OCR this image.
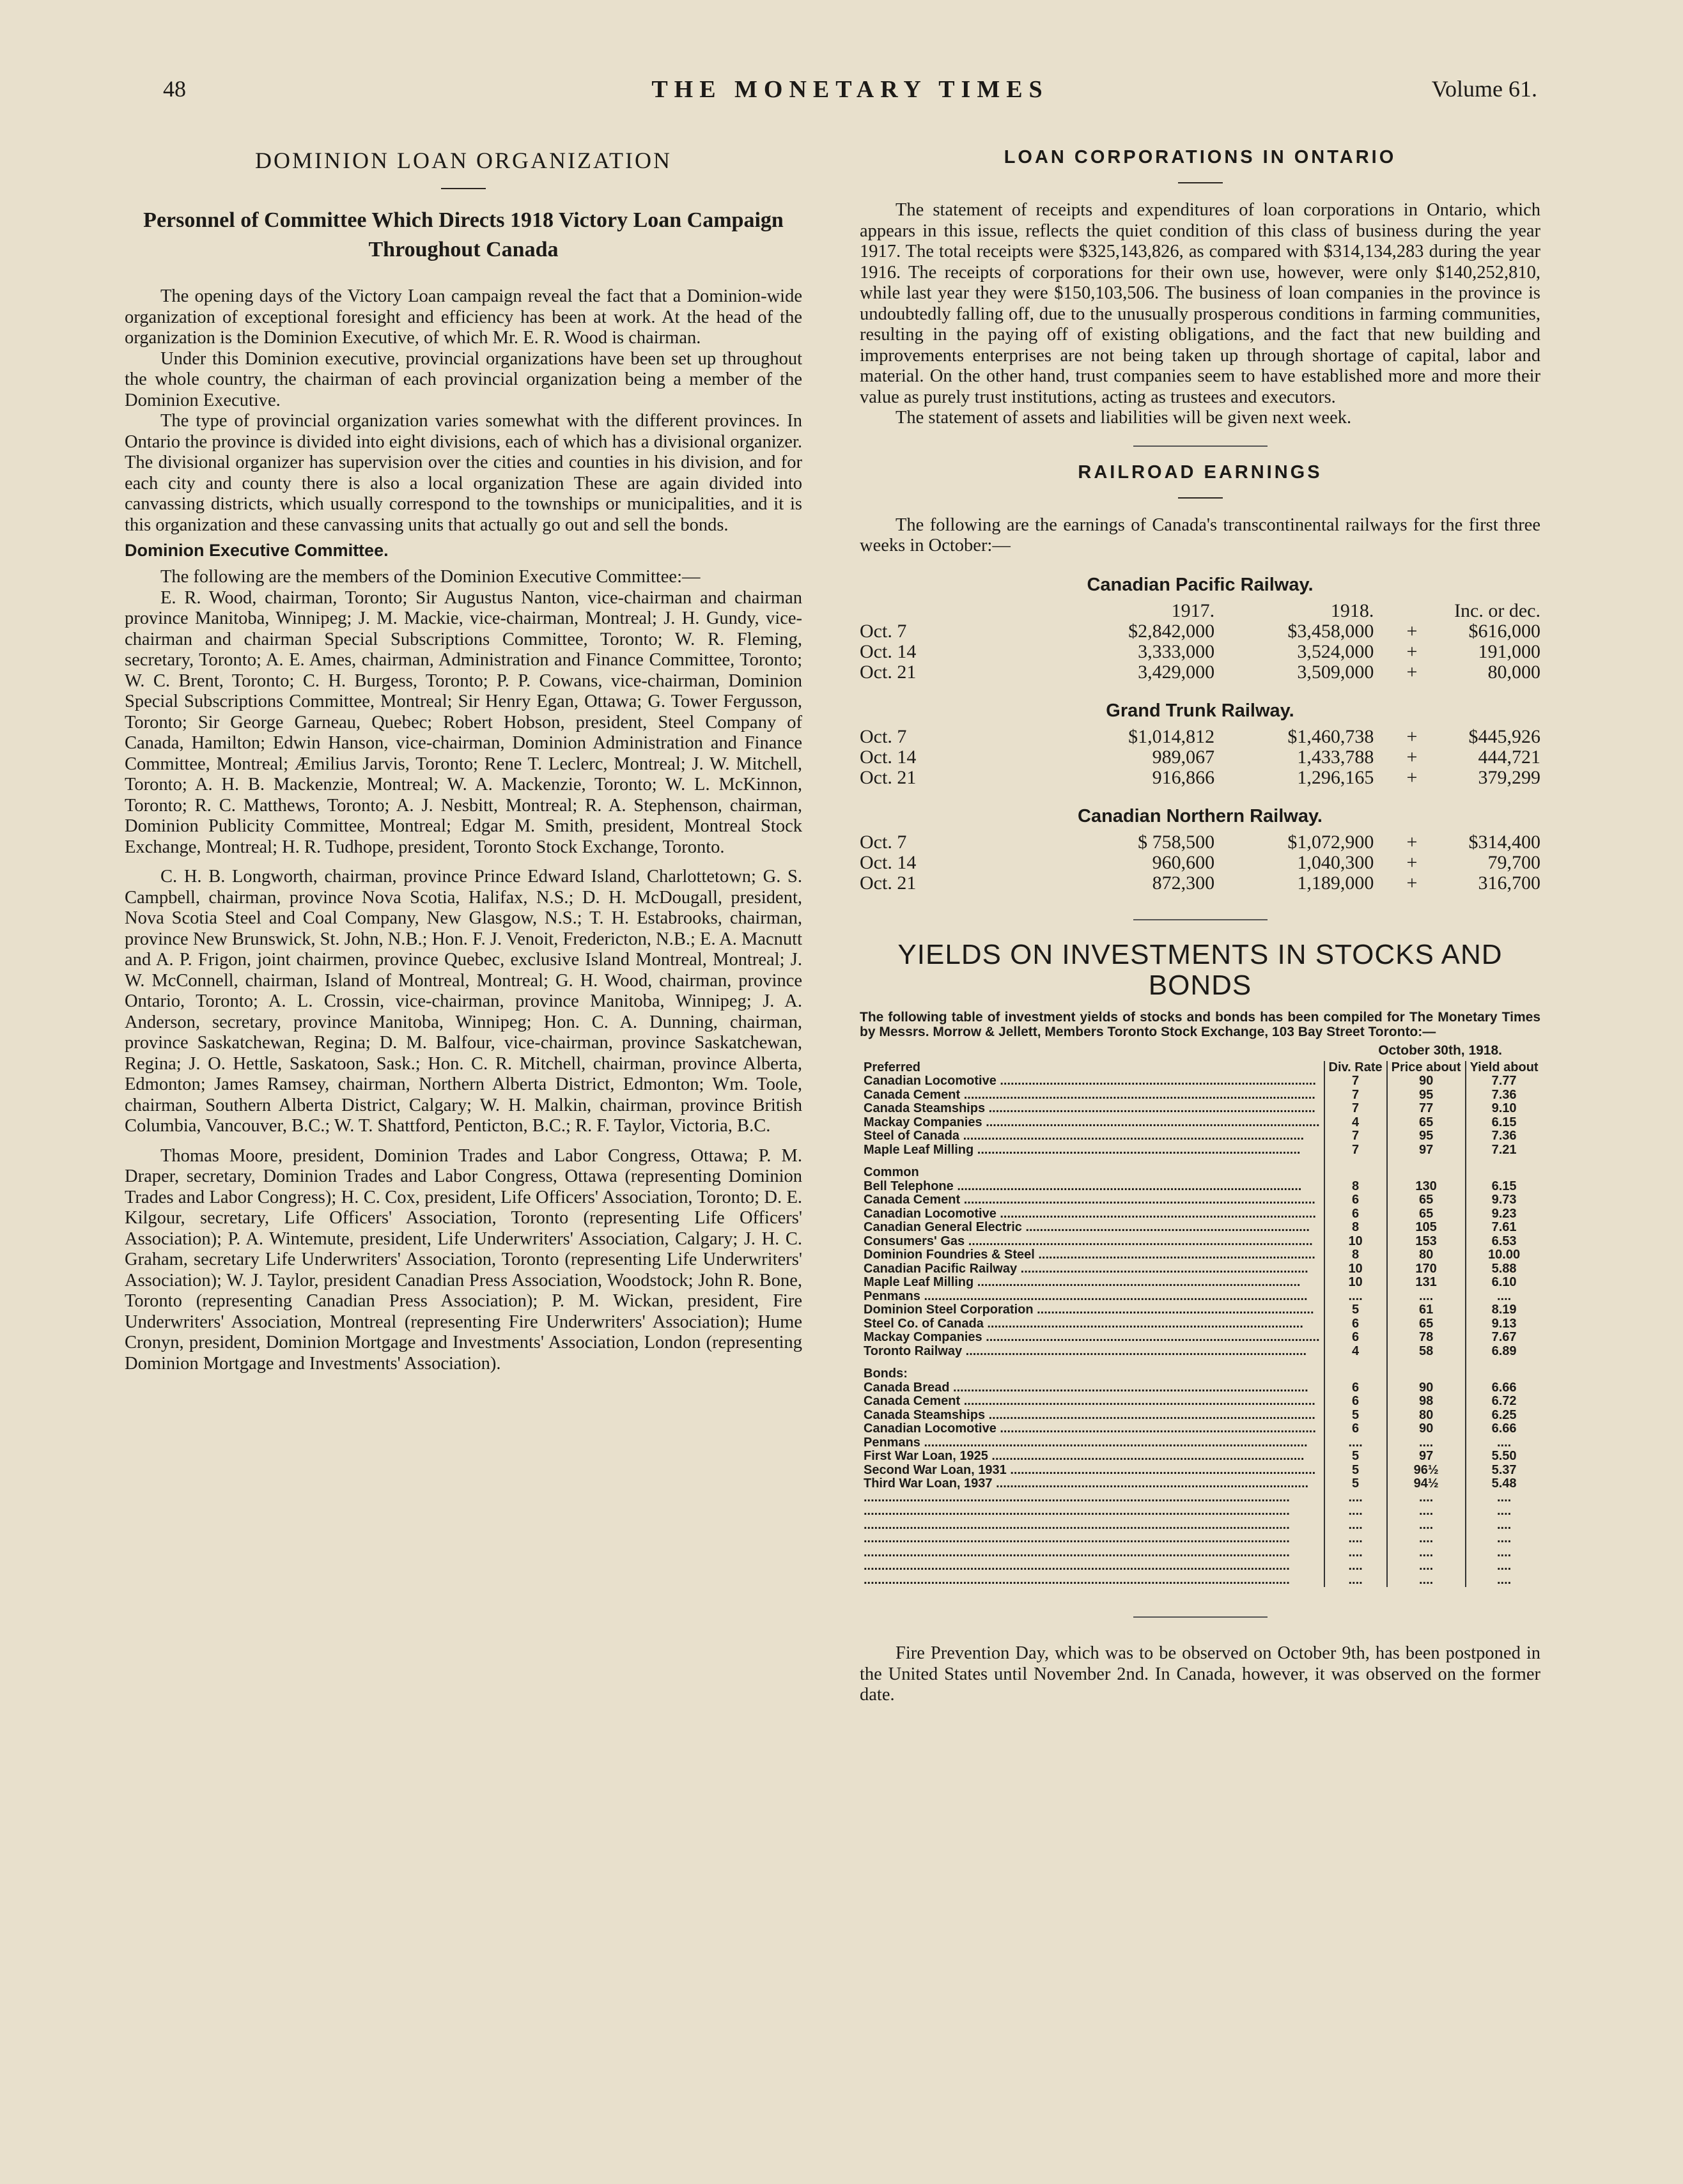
48	THE MONETARY TIMES	Volume 61.
DOMINION LOAN ORGANIZATION
Personnel of Committee Which Directs 1918 Victory Loan Campaign Throughout Canada

The opening days of the Victory Loan campaign reveal the fact that a Dominion-wide organization of exceptional foresight and efficiency has been at work. At the head of the organization is the Dominion Executive, of which Mr. E. R. Wood is chairman.

Under this Dominion executive, provincial organizations have been set up throughout the whole country, the chairman of each provincial organization being a member of the Dominion Executive.

The type of provincial organization varies somewhat with the different provinces. In Ontario the province is divided into eight divisions, each of which has a divisional organizer. The divisional organizer has supervision over the cities and counties in his division, and for each city and county there is also a local organization These are again divided into canvassing districts, which usually correspond to the townships or municipalities, and it is this organization and these canvassing units that actually go out and sell the bonds.

Dominion Executive Committee.

The following are the members of the Dominion Executive Committee:—

E. R. Wood, chairman, Toronto; Sir Augustus Nanton, vice-chairman and chairman province Manitoba, Winnipeg; J. M. Mackie, vice-chairman, Montreal; J. H. Gundy, vice-chairman and chairman Special Subscriptions Committee, Toronto; W. R. Fleming, secretary, Toronto; A. E. Ames, chairman, Administration and Finance Committee, Toronto; W. C. Brent, Toronto; C. H. Burgess, Toronto; P. P. Cowans, vice-chairman, Dominion Special Subscriptions Committee, Montreal; Sir Henry Egan, Ottawa; G. Tower Fergusson, Toronto; Sir George Garneau, Quebec; Robert Hobson, president, Steel Company of Canada, Hamilton; Edwin Hanson, vice-chairman, Dominion Administration and Finance Committee, Montreal; Æmilius Jarvis, Toronto; Rene T. Leclerc, Montreal; J. W. Mitchell, Toronto; A. H. B. Mackenzie, Montreal; W. A. Mackenzie, Toronto; W. L. McKinnon, Toronto; R. C. Matthews, Toronto; A. J. Nesbitt, Montreal; R. A. Stephenson, chairman, Dominion Publicity Committee, Montreal; Edgar M. Smith, president, Montreal Stock Exchange, Montreal; H. R. Tudhope, president, Toronto Stock Exchange, Toronto.

C. H. B. Longworth, chairman, province Prince Edward Island, Charlottetown; G. S. Campbell, chairman, province Nova Scotia, Halifax, N.S.; D. H. McDougall, president, Nova Scotia Steel and Coal Company, New Glasgow, N.S.; T. H. Estabrooks, chairman, province New Brunswick, St. John, N.B.; Hon. F. J. Venoit, Fredericton, N.B.; E. A. Macnutt and A. P. Frigon, joint chairmen, province Quebec, exclusive Island Montreal, Montreal; J. W. McConnell, chairman, Island of Montreal, Montreal; G. H. Wood, chairman, province Ontario, Toronto; A. L. Crossin, vice-chairman, province Manitoba, Winnipeg; J. A. Anderson, secretary, province Manitoba, Winnipeg; Hon. C. A. Dunning, chairman, province Saskatchewan, Regina; D. M. Balfour, vice-chairman, province Saskatchewan, Regina; J. O. Hettle, Saskatoon, Sask.; Hon. C. R. Mitchell, chairman, province Alberta, Edmonton; James Ramsey, chairman, Northern Alberta District, Edmonton; Wm. Toole, chairman, Southern Alberta District, Calgary; W. H. Malkin, chairman, province British Columbia, Vancouver, B.C.; W. T. Shattford, Penticton, B.C.; R. F. Taylor, Victoria, B.C.

Thomas Moore, president, Dominion Trades and Labor Congress, Ottawa; P. M. Draper, secretary, Dominion Trades and Labor Congress, Ottawa (representing Dominion Trades and Labor Congress); H. C. Cox, president, Life Officers' Association, Toronto; D. E. Kilgour, secretary, Life Officers' Association, Toronto (representing Life Officers' Association); P. A. Wintemute, president, Life Underwriters' Association, Calgary; J. H. C. Graham, secretary Life Underwriters' Association, Toronto (representing Life Underwriters' Association); W. J. Taylor, president Canadian Press Association, Woodstock; John R. Bone, Toronto (representing Canadian Press Association); P. M. Wickan, president, Fire Underwriters' Association, Montreal (representing Fire Underwriters' Association); Hume Cronyn, president, Dominion Mortgage and Investments' Association, London (representing Dominion Mortgage and Investments' Association).

LOAN CORPORATIONS IN ONTARIO

The statement of receipts and expenditures of loan corporations in Ontario, which appears in this issue, reflects the quiet condition of this class of business during the year 1917. The total receipts were $325,143,826, as compared with $314,134,283 during the year 1916. The receipts of corporations for their own use, however, were only $140,252,810, while last year they were $150,103,506. The business of loan companies in the province is undoubtedly falling off, due to the unusually prosperous conditions in farming communities, resulting in the paying off of existing obligations, and the fact that new building and improvements enterprises are not being taken up through shortage of capital, labor and material. On the other hand, trust companies seem to have established more and more their value as purely trust institutions, acting as trustees and executors.

The statement of assets and liabilities will be given next week.

RAILROAD EARNINGS

The following are the earnings of Canada's transcontinental railways for the first three weeks in October:—

Canadian Pacific Railway.
	1917.	1918.	Inc. or dec.	
Oct. 7	$2,842,000	$3,458,000	+	$616,000
Oct. 14	3,333,000	3,524,000	+	191,000
Oct. 21	3,429,000	3,509,000	+	80,000
Grand Trunk Railway.
Oct. 7	$1,014,812	$1,460,738	+	$445,926
Oct. 14	989,067	1,433,788	+	444,721
Oct. 21	916,866	1,296,165	+	379,299
Canadian Northern Railway.
Oct. 7	$ 758,500	$1,072,900	+	$314,400
Oct. 14	960,600	1,040,300	+	79,700
Oct. 21	872,300	1,189,000	+	316,700
YIELDS ON INVESTMENTS IN STOCKS AND BONDS
The following table of investment yields of stocks and bonds has been compiled for The Monetary Times by Messrs. Morrow & Jellett, Members Toronto Stock Exchange, 103 Bay Street Toronto:—
October 30th, 1918.
Preferred	Div. Rate	Price about	Yield about
Canadian Locomotive .........................................................................................	7	90	7.77
Canada Cement ...................................................................................................	7	95	7.36
Canada Steamships ............................................................................................	7	77	9.10
Mackay Companies ..............................................................................................	4	65	6.15
Steel of Canada ................................................................................................	7	95	7.36
Maple Leaf Milling ...........................................................................................	7	97	7.21
Common			
Bell Telephone .................................................................................................	8	130	6.15
Canada Cement ...................................................................................................	6	65	9.73
Canadian Locomotive .........................................................................................	6	65	9.23
Canadian General Electric ................................................................................	8	105	7.61
Consumers' Gas .................................................................................................	10	153	6.53
Dominion Foundries & Steel ..............................................................................	8	80	10.00
Canadian Pacific Railway .................................................................................	10	170	5.88
Maple Leaf Milling ...........................................................................................	10	131	6.10
Penmans ............................................................................................................	....	....	....
Dominion Steel Corporation ..............................................................................	5	61	8.19
Steel Co. of Canada .........................................................................................	6	65	9.13
Mackay Companies ..............................................................................................	6	78	7.67
Toronto Railway ................................................................................................	4	58	6.89
Bonds:			
Canada Bread ....................................................................................................	6	90	6.66
Canada Cement ...................................................................................................	6	98	6.72
Canada Steamships ............................................................................................	5	80	6.25
Canadian Locomotive .........................................................................................	6	90	6.66
Penmans ............................................................................................................	....	....	....
First War Loan, 1925 ........................................................................................	5	97	5.50
Second War Loan, 1931 ......................................................................................	5	96½	5.37
Third War Loan, 1937 ........................................................................................	5	94½	5.48
........................................................................................................................	....	....	....
........................................................................................................................	....	....	....
........................................................................................................................	....	....	....
........................................................................................................................	....	....	....
........................................................................................................................	....	....	....
........................................................................................................................	....	....	....
........................................................................................................................	....	....	....

Fire Prevention Day, which was to be observed on October 9th, has been postponed in the United States until November 2nd. In Canada, however, it was observed on the former date.
